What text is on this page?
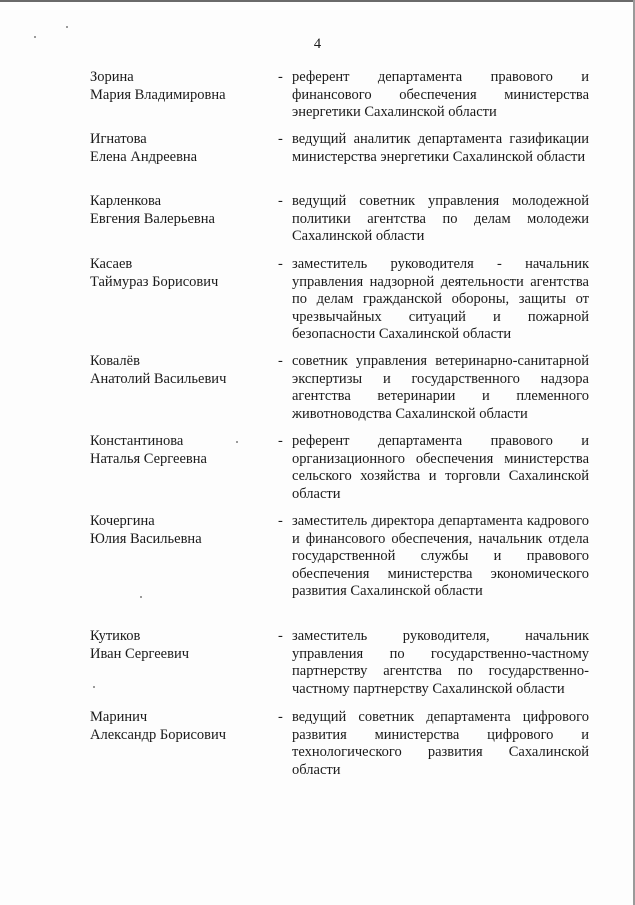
4
Зорина
Мария Владимировна
- референт департамента правового и финансового обеспечения министерства энергетики Сахалинской области
Игнатова
Елена Андреевна
- ведущий аналитик департамента газификации министерства энергетики Сахалинской области
Карленкова
Евгения Валерьевна
- ведущий советник управления молодежной политики агентства по делам молодежи Сахалинской области
Касаев
Таймураз Борисович
- заместитель руководителя - начальник управления надзорной деятельности агентства по делам гражданской обороны, защиты от чрезвычайных ситуаций и пожарной безопасности Сахалинской области
Ковалёв
Анатолий Васильевич
- советник управления ветеринарно-санитарной экспертизы и государственного надзора агентства ветеринарии и племенного животноводства Сахалинской области
Константинова
Наталья Сергеевна
- референт департамента правового и организационного обеспечения министерства сельского хозяйства и торговли Сахалинской области
Кочергина
Юлия Васильевна
- заместитель директора департамента кадрового и финансового обеспечения, начальник отдела государственной службы и правового обеспечения министерства экономического развития Сахалинской области
Кутиков
Иван Сергеевич
- заместитель руководителя, начальник управления по государственно-частному партнерству агентства по государственно-частному партнерству Сахалинской области
Маринич
Александр Борисович
- ведущий советник департамента цифрового развития министерства цифрового и технологического развития Сахалинской области
